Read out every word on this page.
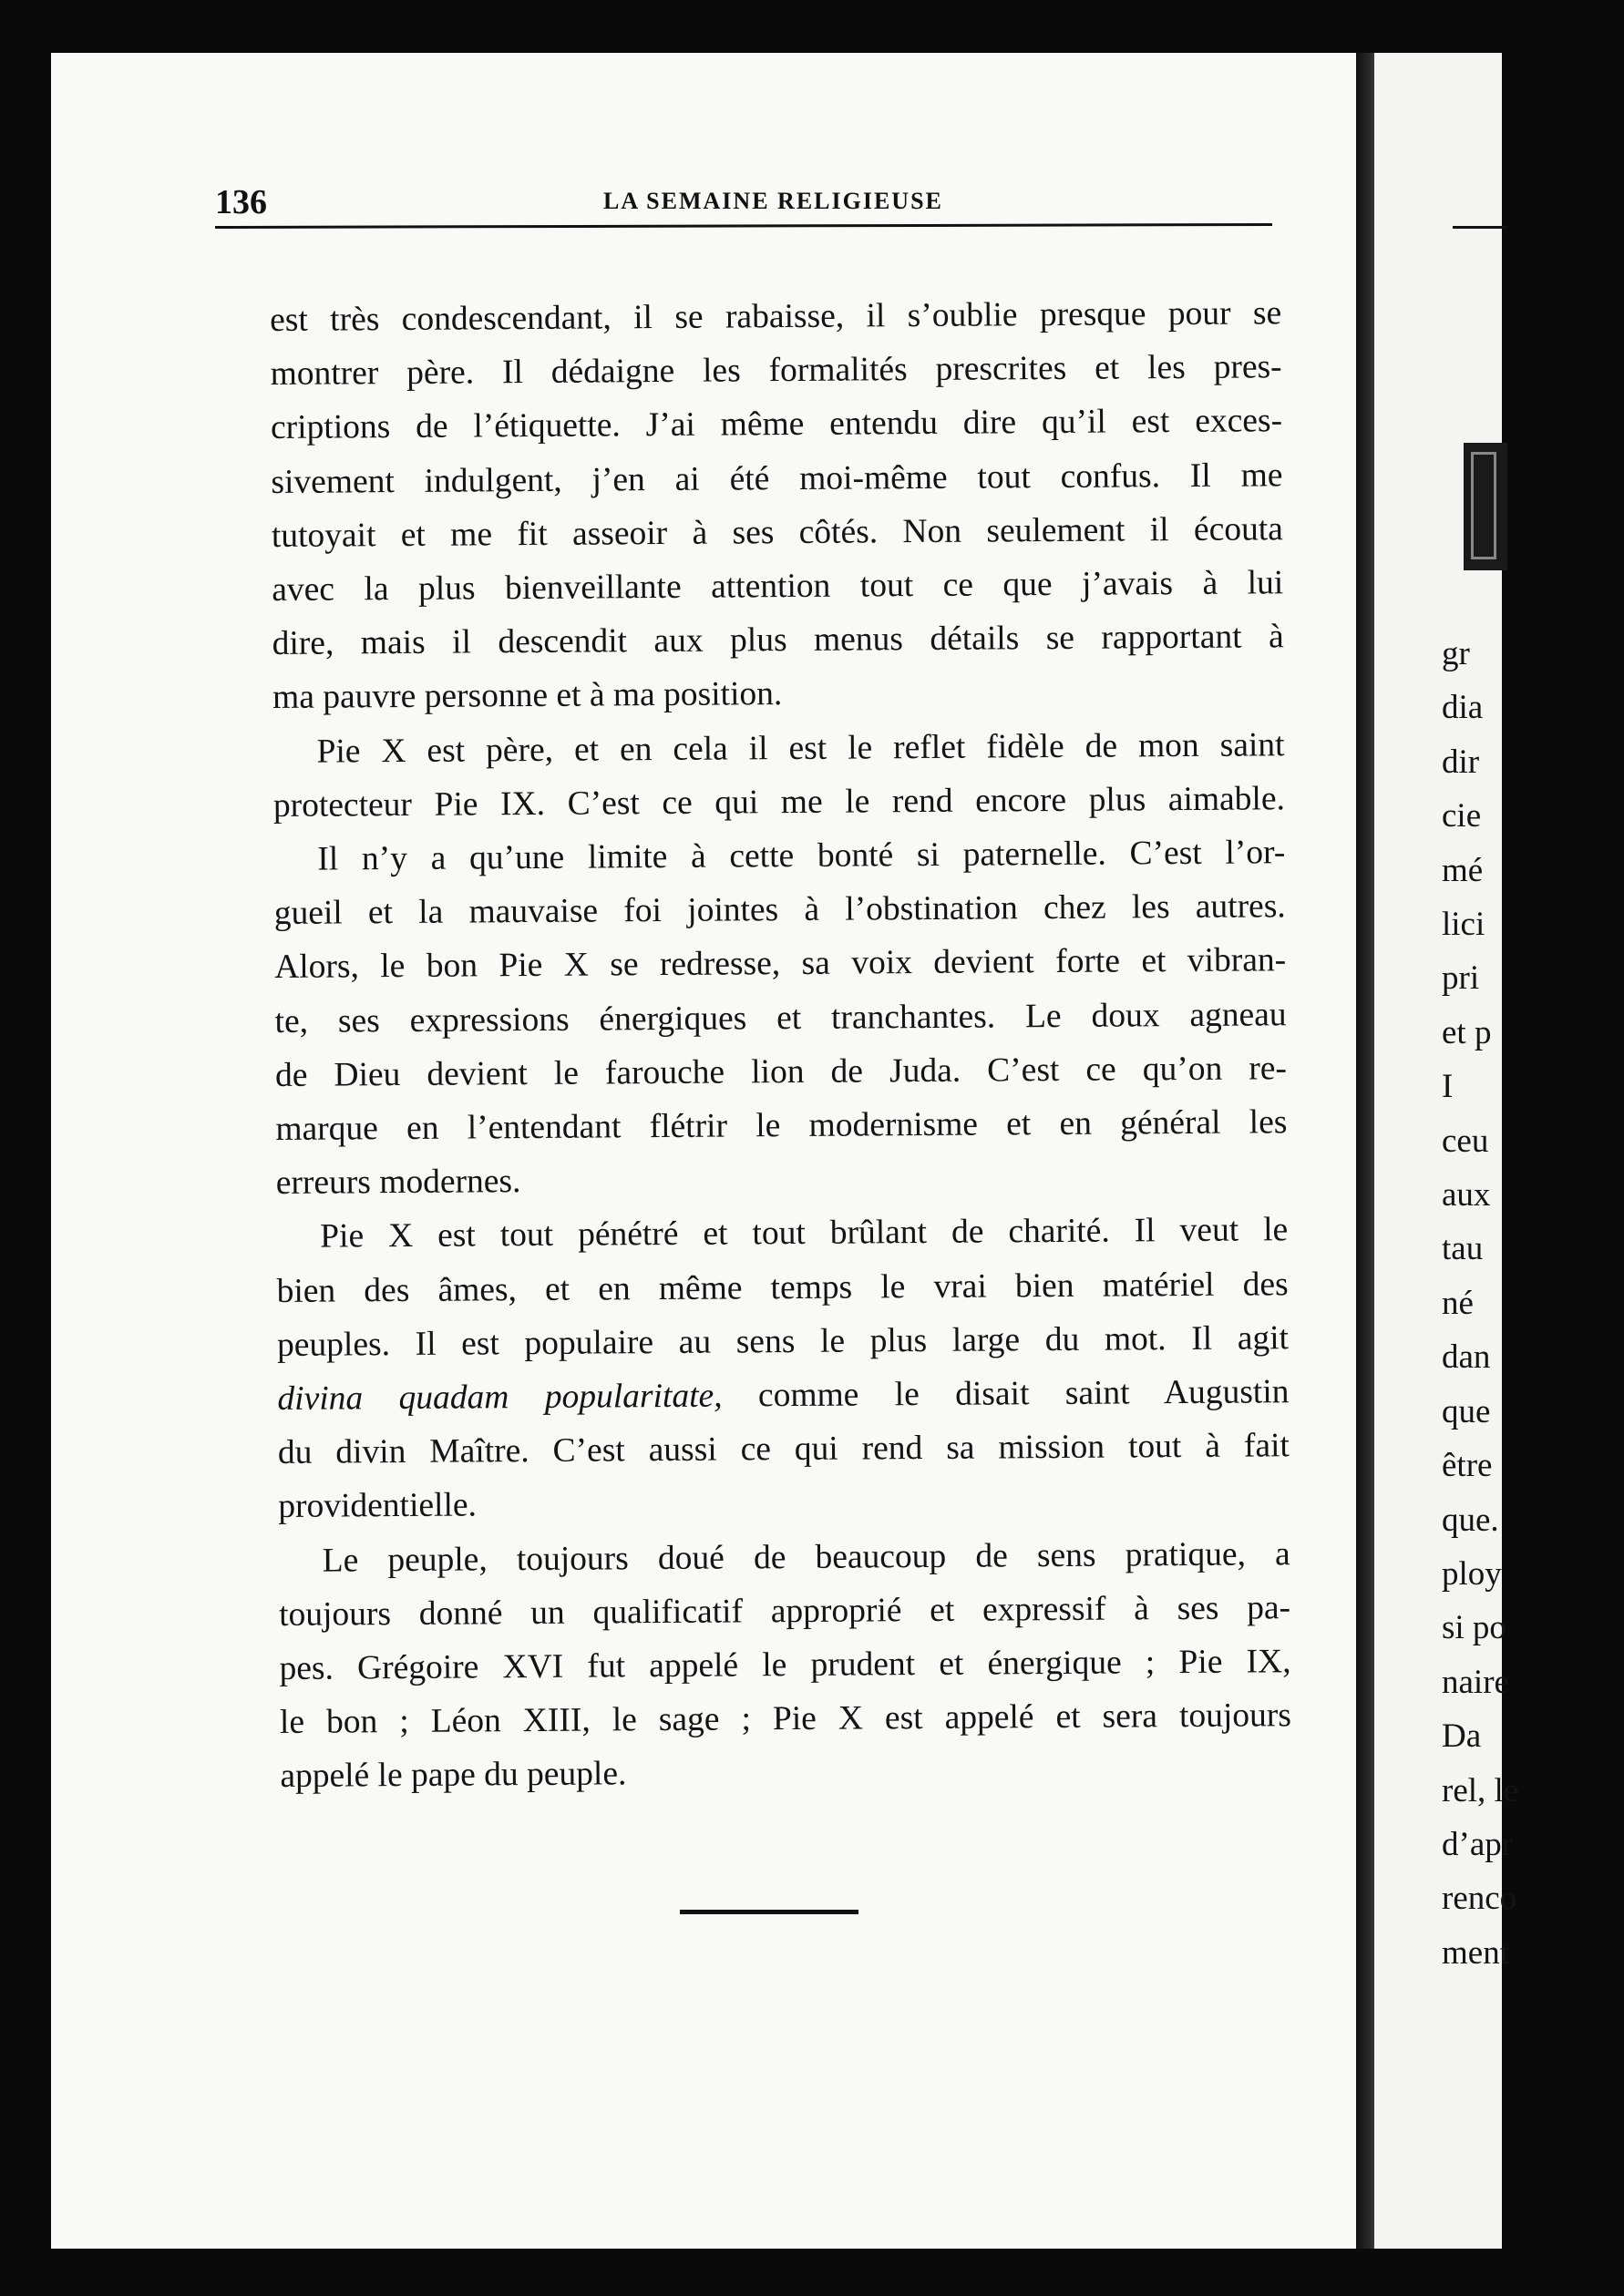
136	LA SEMAINE RELIGIEUSE
est très condescendant, il se rabaisse, il s’oublie presque pour se
montrer père. Il dédaigne les formalités prescrites et les pres-
criptions de l’étiquette. J’ai même entendu dire qu’il est exces-
sivement indulgent, j’en ai été moi-même tout confus. Il me
tutoyait et me fit asseoir à ses côtés. Non seulement il écouta
avec la plus bienveillante attention tout ce que j’avais à lui
dire, mais il descendit aux plus menus détails se rapportant à
ma pauvre personne et à ma position.
Pie X est père, et en cela il est le reflet fidèle de mon saint
protecteur Pie IX. C’est ce qui me le rend encore plus aimable.
Il n’y a qu’une limite à cette bonté si paternelle. C’est l’or-
gueil et la mauvaise foi jointes à l’obstination chez les autres.
Alors, le bon Pie X se redresse, sa voix devient forte et vibran-
te, ses expressions énergiques et tranchantes. Le doux agneau
de Dieu devient le farouche lion de Juda. C’est ce qu’on re-
marque en l’entendant flétrir le modernisme et en général les
erreurs modernes.
Pie X est tout pénétré et tout brûlant de charité. Il veut le
bien des âmes, et en même temps le vrai bien matériel des
peuples. Il est populaire au sens le plus large du mot. Il agit
divina quadam popularitate, comme le disait saint Augustin
du divin Maître. C’est aussi ce qui rend sa mission tout à fait
providentielle.
Le peuple, toujours doué de beaucoup de sens pratique, a
toujours donné un qualificatif approprié et expressif à ses pa-
pes. Grégoire XVI fut appelé le prudent et énergique ; Pie IX,
le bon ; Léon XIII, le sage ; Pie X est appelé et sera toujours
appelé le pape du peuple.
gr
dia
dir
cie
mé
lici
pri
et p
I
ceu
aux
tau
né
dan
que
être
que.
ploy
si po
naire
Da
rel, le
d’apr
renco
ment
